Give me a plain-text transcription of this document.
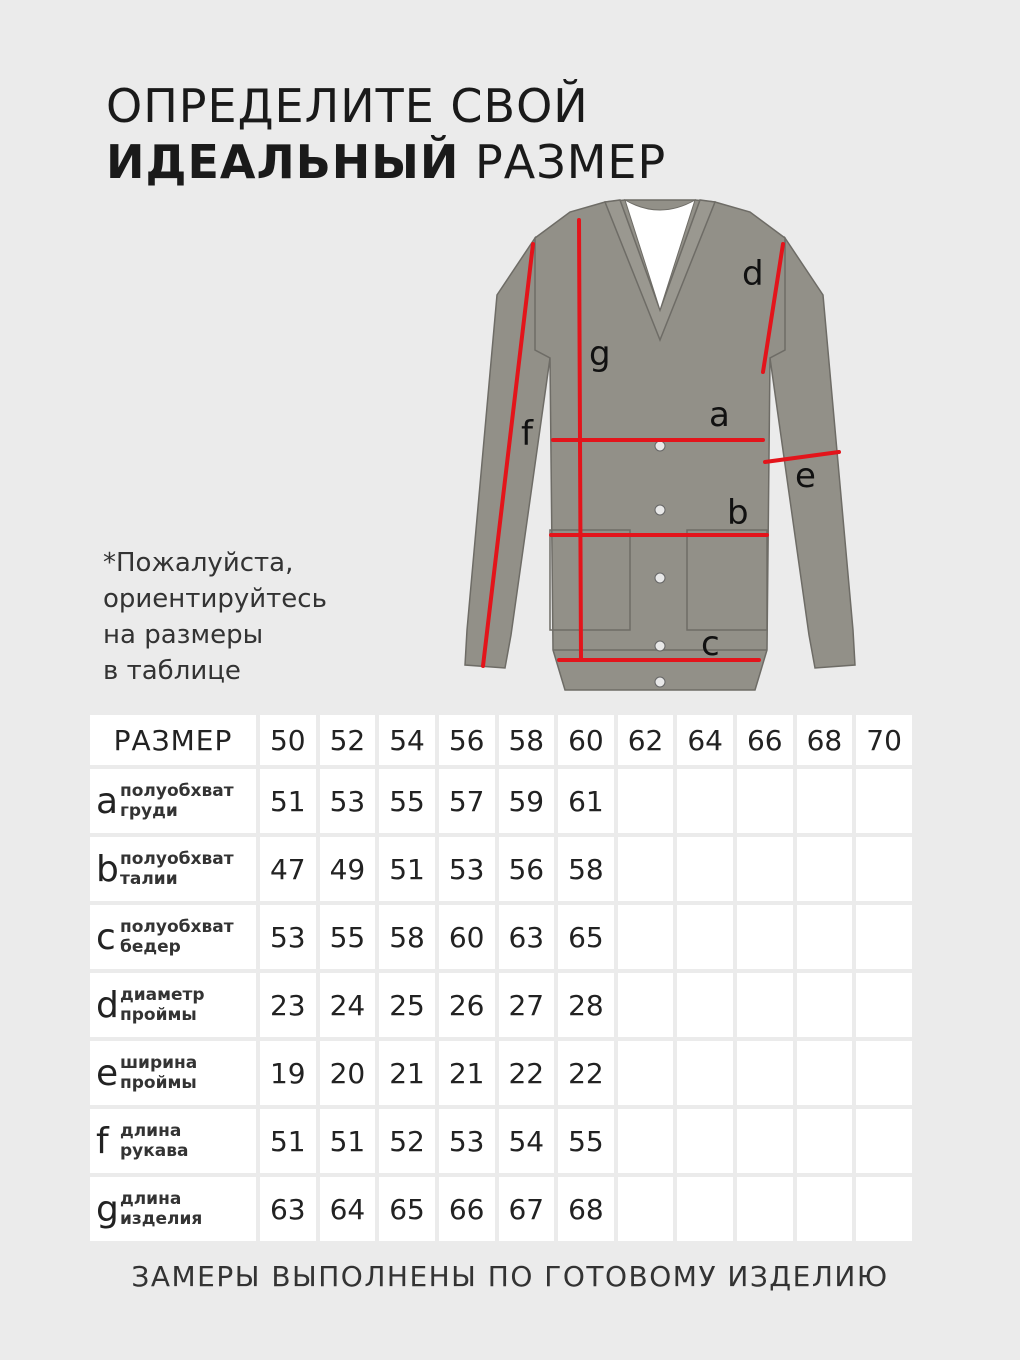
ОПРЕДЕЛИТЕ СВОЙ
ИДЕАЛЬНЫЙ РАЗМЕР
*Пожалуйста,
ориентируйтесь
на размеры
в таблице
d
g
a
f
e
b
c
РАЗМЕР	50	52	54	56	58	60	62	64	66	68	70
a полуобхват
груди	51	53	55	57	59	61					
b полуобхват
талии	47	49	51	53	56	58					
c полуобхват
бедер	53	55	58	60	63	65					
d диаметр
проймы	23	24	25	26	27	28					
e ширина
проймы	19	20	21	21	22	22					
f длина
рукава	51	51	52	53	54	55					
g длина
изделия	63	64	65	66	67	68					
ЗАМЕРЫ ВЫПОЛНЕНЫ ПО ГОТОВОМУ ИЗДЕЛИЮ
